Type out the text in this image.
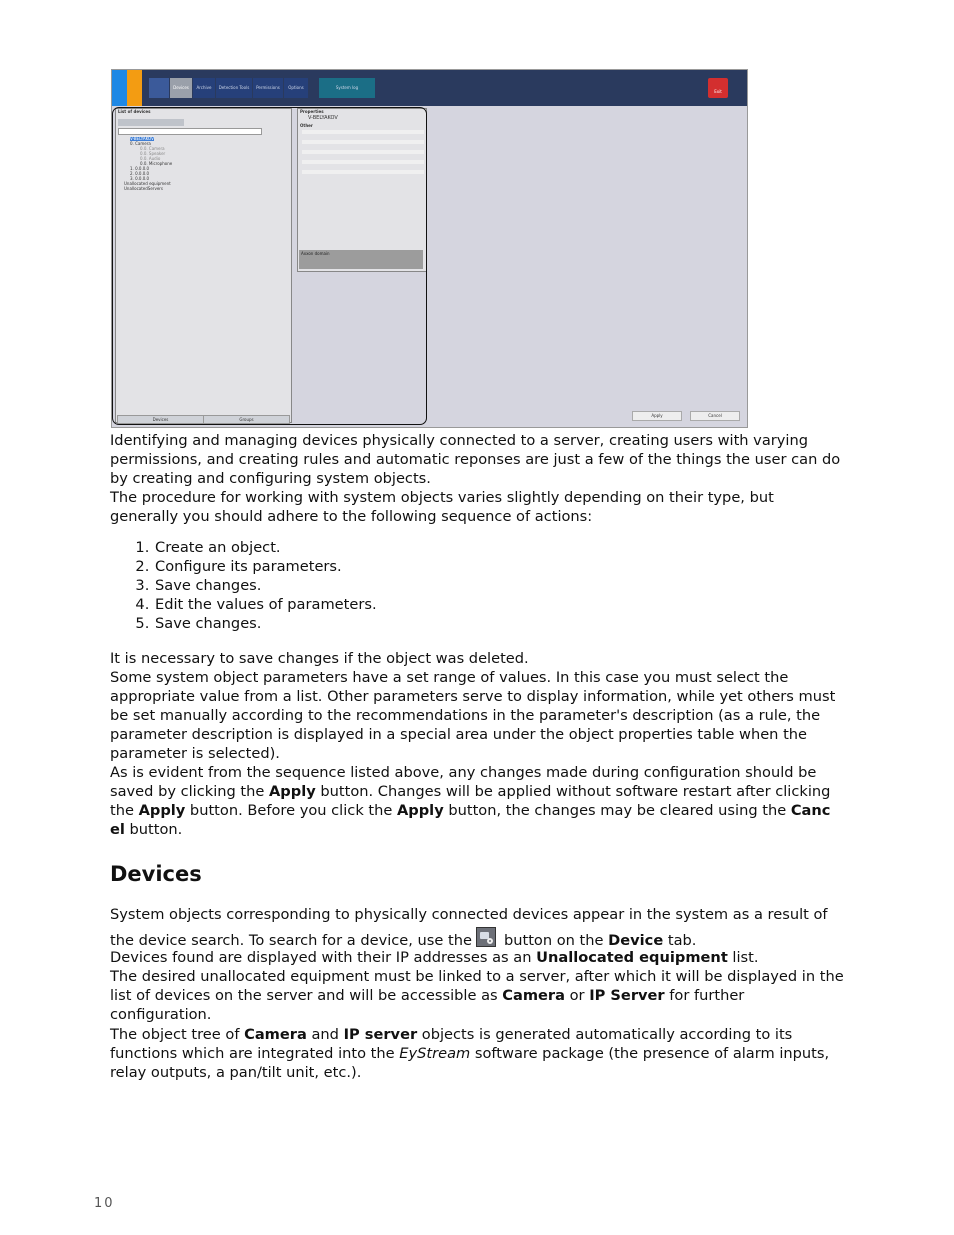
Devices	Archive	Detection Tools	Permissions	Options	System log
Exit
List of devices
V-BELYAKOV
0. Camera
0.0. Camera
0.0. Speaker
0.0. Audio
0.0. Microphone
1. 0.0.0.0
2. 0.0.0.0
3. 0.0.0.0
Unallocated equipment
UnallocatedServers
Devices	Groups
Properties
V-BELYAKOV
Other
Axxon domain
Apply	Cancel

Identifying and managing devices physically connected to a server, creating users with varying permissions, and creating rules and automatic reponses are just a few of the things the user can do by creating and configuring system objects.

The procedure for working with system objects varies slightly depending on their type, but generally you should adhere to the following sequence of actions:

1. Create an object.
2. Configure its parameters.
3. Save changes.
4. Edit the values of parameters.
5. Save changes.

It is necessary to save changes if the object was deleted.

Some system object parameters have a set range of values. In this case you must select the appropriate value from a list. Other parameters serve to display information, while yet others must be set manually according to the recommendations in the parameter's description (as a rule, the parameter description is displayed in a special area under the object properties table when the parameter is selected).

As is evident from the sequence listed above, any changes made during configuration should be saved by clicking the Apply button. Changes will be applied without software restart after clicking the Apply button. Before you click the Apply button, the changes may be cleared using the Canc el button.

Devices

System objects corresponding to physically connected devices appear in the system as a result of the device search. To search for a device, use the button on the Device tab.

Devices found are displayed with their IP addresses as an Unallocated equipment list.

The desired unallocated equipment must be linked to a server, after which it will be displayed in the list of devices on the server and will be accessible as Camera or IP Server for further configuration.

The object tree of Camera and IP server objects is generated automatically according to its functions which are integrated into the EyStream software package (the presence of alarm inputs, relay outputs, a pan/tilt unit, etc.).

10
